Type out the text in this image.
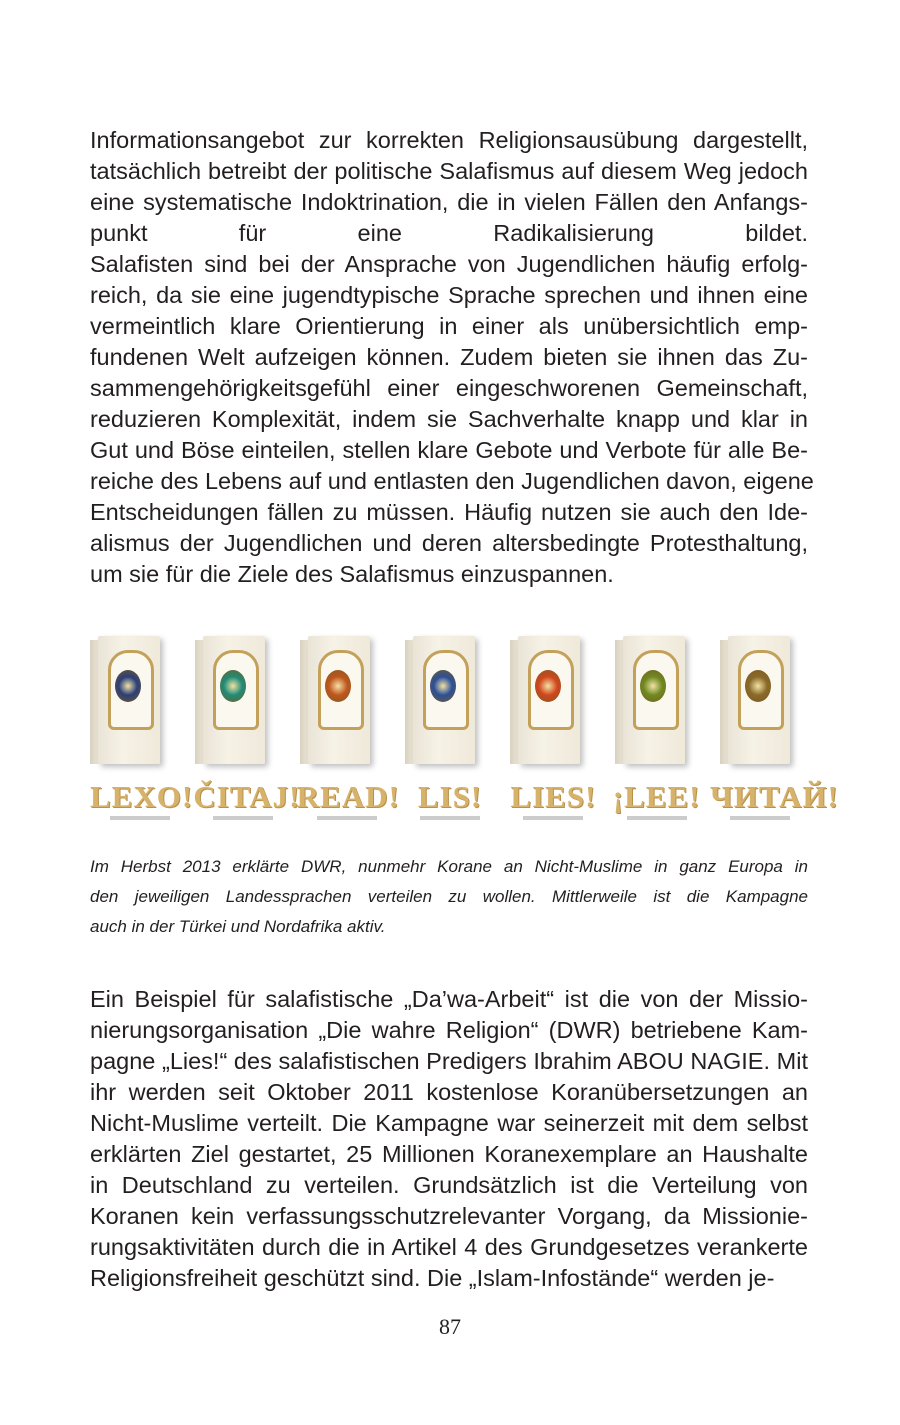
Informationsangebot zur korrekten Religionsausübung dargestellt,
tatsächlich betreibt der politische Salafismus auf diesem Weg jedoch
eine systematische Indoktrination, die in vielen Fällen den Anfangs-
punkt für eine Radikalisierung bildet.
Salafisten sind bei der Ansprache von Jugendlichen häufig erfolg-
reich, da sie eine jugendtypische Sprache sprechen und ihnen eine
vermeintlich klare Orientierung in einer als unübersichtlich emp-
fundenen Welt aufzeigen können. Zudem bieten sie ihnen das Zu-
sammengehörigkeitsgefühl einer eingeschworenen Gemeinschaft,
reduzieren Komplexität, indem sie Sachverhalte knapp und klar in
Gut und Böse einteilen, stellen klare Gebote und Verbote für alle Be-
reiche des Lebens auf und entlasten den Jugendlichen davon, eigene
Entscheidungen fällen zu müssen. Häufig nutzen sie auch den Ide-
alismus der Jugendlichen und deren altersbedingte Protesthaltung,
um sie für die Ziele des Salafismus einzuspannen.

LEXO! ČITAJ!
READ! LIS! LIES! ¡LEE! ЧИТАЙ!

Im Herbst 2013 erklärte DWR, nunmehr Korane an Nicht-Muslime in ganz Europa in
den jeweiligen Landessprachen verteilen zu wollen. Mittlerweile ist die Kampagne
auch in der Türkei und Nordafrika aktiv.

Ein Beispiel für salafistische „Da’wa-Arbeit“ ist die von der Missio-
nierungsorganisation „Die wahre Religion“ (DWR) betriebene Kam-
pagne „Lies!“ des salafistischen Predigers Ibrahim ABOU NAGIE. Mit
ihr werden seit Oktober 2011 kostenlose Koranübersetzungen an
Nicht-Muslime verteilt. Die Kampagne war seinerzeit mit dem selbst
erklärten Ziel gestartet, 25 Millionen Koranexemplare an Haushalte
in Deutschland zu verteilen. Grundsätzlich ist die Verteilung von
Koranen kein verfassungsschutzrelevanter Vorgang, da Missionie-
rungsaktivitäten durch die in Artikel 4 des Grundgesetzes verankerte
Religionsfreiheit geschützt sind. Die „Islam-Infostände“ werden je-

87
